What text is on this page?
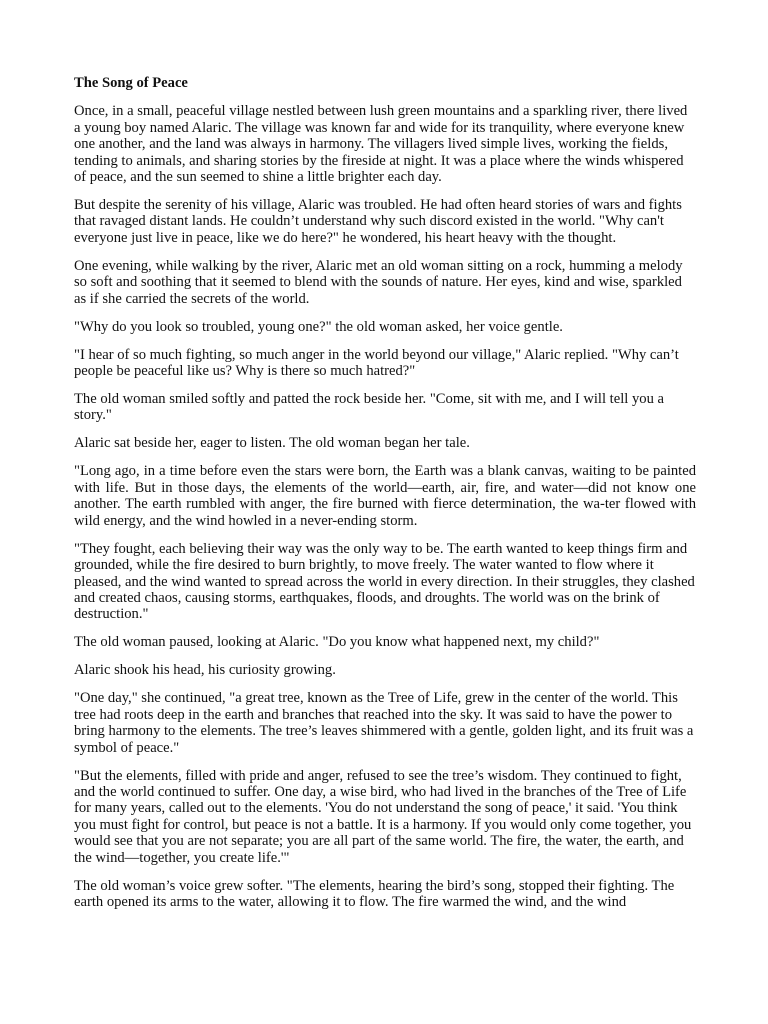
The Song of Peace

Once, in a small, peaceful village nestled between lush green mountains and a sparkling river, there lived a young boy named Alaric. The village was known far and wide for its tranquility, where everyone knew one another, and the land was always in harmony. The villagers lived simple lives, working the fields, tending to animals, and sharing stories by the fireside at night. It was a place where the winds whispered of peace, and the sun seemed to shine a little brighter each day.

But despite the serenity of his village, Alaric was troubled. He had often heard stories of wars and fights that ravaged distant lands. He couldn’t understand why such discord existed in the world. "Why can't everyone just live in peace, like we do here?" he wondered, his heart heavy with the thought.

One evening, while walking by the river, Alaric met an old woman sitting on a rock, humming a melody so soft and soothing that it seemed to blend with the sounds of nature. Her eyes, kind and wise, sparkled as if she carried the secrets of the world.

"Why do you look so troubled, young one?" the old woman asked, her voice gentle.

"I hear of so much fighting, so much anger in the world beyond our village," Alaric replied. "Why can’t people be peaceful like us? Why is there so much hatred?"

The old woman smiled softly and patted the rock beside her. "Come, sit with me, and I will tell you a story."

Alaric sat beside her, eager to listen. The old woman began her tale.

"Long ago, in a time before even the stars were born, the Earth was a blank canvas, waiting to be painted with life. But in those days, the elements of the world—earth, air, fire, and water—did not know one another. The earth rumbled with anger, the fire burned with fierce determination, the wa-ter flowed with wild energy, and the wind howled in a never-ending storm.

"They fought, each believing their way was the only way to be. The earth wanted to keep things firm and grounded, while the fire desired to burn brightly, to move freely. The water wanted to flow where it pleased, and the wind wanted to spread across the world in every direction. In their struggles, they clashed and created chaos, causing storms, earthquakes, floods, and droughts. The world was on the brink of destruction."

The old woman paused, looking at Alaric. "Do you know what happened next, my child?"

Alaric shook his head, his curiosity growing.

"One day," she continued, "a great tree, known as the Tree of Life, grew in the center of the world. This tree had roots deep in the earth and branches that reached into the sky. It was said to have the power to bring harmony to the elements. The tree’s leaves shimmered with a gentle, golden light, and its fruit was a symbol of peace."

"But the elements, filled with pride and anger, refused to see the tree’s wisdom. They continued to fight, and the world continued to suffer. One day, a wise bird, who had lived in the branches of the Tree of Life for many years, called out to the elements. 'You do not understand the song of peace,' it said. 'You think you must fight for control, but peace is not a battle. It is a harmony. If you would only come together, you would see that you are not separate; you are all part of the same world. The fire, the water, the earth, and the wind—together, you create life.'"

The old woman’s voice grew softer. "The elements, hearing the bird’s song, stopped their fighting. The earth opened its arms to the water, allowing it to flow. The fire warmed the wind, and the wind
